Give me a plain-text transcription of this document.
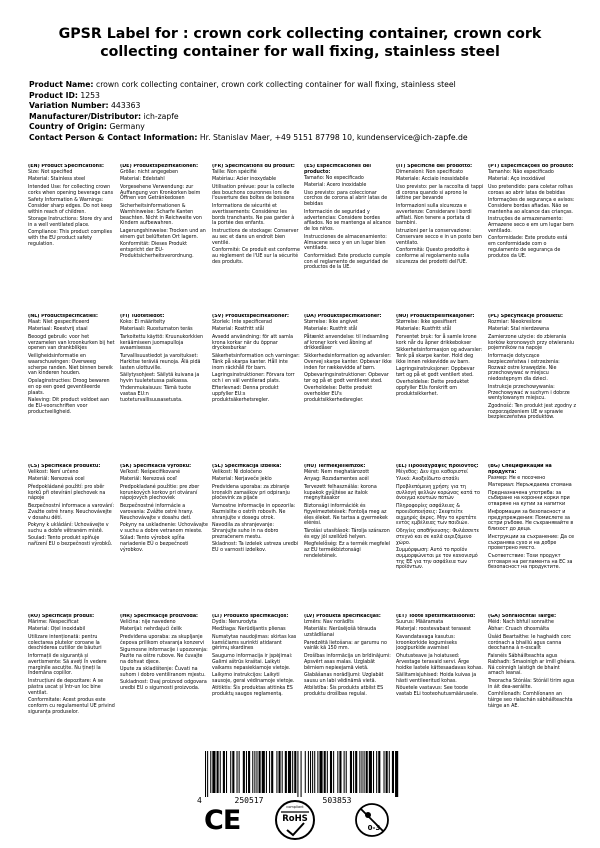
GPSR Label for : crown cork collecting container, crown cork collecting container for wall fixing, stainless steel
Product Name: crown cork collecting container, crown cork collecting container for wall fixing, stainless steel
Product ID: 1253
Variation Number: 443363
Manufacturer/Distributor: ich-zapfe
Country of Origin: Germany
Contact Person & Contact Information: Hr. Stanislav Maer, +49 5151 87798 10, kundenservice@ich-zapfe.de
(EN) Product Specifications:

Size: Not specified

Material: Stainless steel

Intended Use: for collecting crown corks when opening beverage cans

Safety Information & Warnings: Consider sharp edges. Do not keep within reach of children.

Storage Instructions: Store dry and in a well ventilated place.

Compliance: This product complies with the EU product safety regulation.

(DE) Produktspezifikationen:

Größe: nicht angegeben

Material: Edelstahl

Vorgesehene Verwendung: zur Auffangung von Kronkorken beim Öffnen von Getränkedosen

Sicherheitsinformationen & Warnhinweise: Scharfe Kanten beachten. Nicht in Reichweite von Kindern aufbewahren.

Lagerungshinweise: Trocken und an einem gut belüfteten Ort lagern.

Konformität: Dieses Produkt entspricht der EU-Produktsicherheitsverordnung.

(FR) Spécifications du produit:

Taille: Non spécifié

Matériau: Acier inoxydable

Utilisation prévue: pour la collecte des bouchons couronnes lors de l'ouverture des boîtes de boissons

Informations de sécurité et avertissements: Considérez les bords tranchants. Ne pas garder à la portée des enfants.

Instructions de stockage: Conserver au sec et dans un endroit bien ventilé.

Conformité: Ce produit est conforme au règlement de l'UE sur la sécurité des produits.

(ES) Especificaciones del producto:

Tamaño: No especificado

Material: Acero inoxidable

Uso previsto: para coleccionar corchos de corona al abrir latas de bebidas

Información de seguridad y advertencias: Considere bordes afilados. No se mantenga al alcance de los niños.

Instrucciones de almacenamiento: Almacene seco y en un lugar bien ventilado.

Conformidad: Este producto cumple con el reglamento de seguridad de productos de la UE.

(IT) Specifiche del prodotto:

Dimensioni: Non specificato

Materiale: Acciaio inossidabile

Uso previsto: per la raccolta di tappi di corona quando si aprono le lattine per bevande

Informazioni sulla sicurezza e avvertenze: Considerare i bordi affilati. Non tenere a portata di bambini.

Istruzioni per la conservazione: Conservare secco e in un posto ben ventilato.

Conformità: Questo prodotto è conforme al regolamento sulla sicurezza dei prodotti dell'UE.

(PT) Especificações do produto:

Tamanho: Não especificado

Material: Aço inoxidável

Uso pretendido: para coletar rolhas coroas ao abrir latas de bebidas

Informações de segurança e avisos: Considere bordas afiadas. Não se mantenha ao alcance das crianças.

Instruções de armazenamento: Armazene seco e em um lugar bem ventilado.

Conformidade: Este produto está em conformidade com o regulamento de segurança de produtos da UE.

(NL) Productspecificaties:

Maat: Niet gespecificeerd

Materiaal: Roestvrij staal

Beoogd gebruik: voor het verzamelen van kroonkurken bij het openen van drankblikjes

Veiligheidsinformatie en waarschuwingen: Overweeg scherpe randen. Niet binnen bereik van kinderen houden.

Opslaginstructies: Droog bewaren en op een goed geventileerde plaats.

Naleving: Dit product voldoet aan de EU-voorschriften voor productveiligheid.

(FI) Tuotetiedot:

Koko: Ei määritelty

Materiaali: Ruostumaton teräs

Tarkoitettu käyttö: Kruunukorkkien keräämiseen juomapulloja avaamisessa

Turvallisuustiedot ja varoitukset: Harkitse teräviä reunoja. Älä pidä lasten ulottuville.

Säilytysohjeet: Säilytä kuivana ja hyvin tuuletetussa paikassa.

Yhdenmukaisuus: Tämä tuote vastaa EU:n tuoteturvallisuusasetusta.

(SV) Produktspecifikationer:

Storlek: Inte specificerad

Material: Rostfritt stål

Avsedd användning: för att samla krona korkar när du öppnar dryckesburkar

Säkerhetsinformation och varningar: Tänk på skarpa kanter. Håll inte inom räckhåll för barn.

Lagringsinstruktioner: Förvara torr och i en väl ventilerad plats.

Efterlevnad: Denna produkt uppfyller EU:s produktsäkerhetsregler.

(DA) Produktspecifikationer:

Størrelse: Ikke angivet

Materiale: Rustfrit stål

Påtænkt anvendelse: til indsamling af kroner kork ved åbning af drikkedåser

Sikkerhedsinformation og advarsler: Overvej skarpe kanter. Opbevar ikke inden for rækkevidde af børn.

Opbevaringsinstruktioner: Opbevar tør og på et godt ventileret sted.

Overholdelse: Dette produkt overholder EU's produktsikkerhedsregler.

(NO) Produktspesifikasjoner:

Størrelse: Ikke spesifisert

Materiale: Rustfritt stål

Forventet bruk: for å samle krone kork når du åpner drikkebokser

Sikkerhetsinformasjon og advarsler: Tenk på skarpe kanter. Hold deg ikke innen rekkevidde av barn.

Lagringsinstruksjoner: Oppbevar tørt og på et godt ventilert sted.

Overholdelse: Dette produktet oppfyller EUs forskrift om produktsikkerhet.

(PL) Specyfikacje produktu:

Rozmiar: Nieokreślone

Materiał: Stal nierdzewna

Zamierzone użycie: do zbierania korków koronowych przy otwieraniu pojemników na napoje

Informacje dotyczące bezpieczeństwa i ostrzeżenia: Rozważ ostre krawędzie. Nie przechowywać w miejscu niedostępnym dla dzieci.

Instrukcje przechowywania: Przechowywać w suchym i dobrze wentylowanym miejscu.

Zgodność: Ten produkt jest zgodny z rozporządzeniem UE w sprawie bezpieczeństwa produktów.

(CS) Specifikace produktu:

Velikost: Není určeno

Materiál: Nerezová ocel

Předpokládané použití: pro sběr korků při otevírání plechovek na nápoje

Bezpečnostní informace a varování: Zvažte ostré hrany. Neuchovávejte v dosahu dětí.

Pokyny k ukládání: Uchovávejte v suchu a dobře větraném místě.

Soulad: Tento produkt splňuje nařízení EU o bezpečnosti výrobků.

(SK) Špecifikácia výrobku:

Veľkosť: Nešpecifikované

Materiál: Nerezová oceľ

Predpokladané použitie: pre zber korunkových korkov pri otváraní nápojových plechoviek

Bezpečnostné informácie a varovania: Zvážte ostré hrany. Neuchovávajte v dosahu detí.

Pokyny na uskladnenie: Uchovávajte v suchu a dobre vetranom mieste.

Súlad: Tento výrobok spĺňa nariadenie EÚ o bezpečnosti výrobkov.

(SL) Specifikacija izdelka:

Velikost: Ni določeno

Material: Nerjaveče jeklo

Predvidena uporaba: za zbiranje kronskih zamaškov pri odpiranju pločevink za pijače

Varnostne informacije in opozorila: Razmislite o ostrih robovih. Ne shranjujte v dosegu otrok.

Navodila za shranjevanje: Shranjujte suho in na dobro prezračenem mestu.

Skladnost: Ta izdelek ustreza uredbi EU o varnosti izdelkov.

(HU) Termékjellemzők:

Méret: Nem meghatározott

Anyag: Rozsdamentes acél

Tervezett felhasználás: korona kupakok gyűjtése az italok megnyitásakor

Biztonsági információk és figyelmeztetések: Fontolja meg az éles éleket. Ne tartsa a gyermekek elérési.

Tárolási utasítások: Tárolja szárazon és egy jól szellőző helyen.

Megfelelőség: Ez a termék megfelel az EU termékbiztonsági rendeletének.

(EL) Προδιαγραφές προϊόντος:

Μέγεθος: Δεν έχει καθοριστεί

Υλικό: Ανοξείδωτο ατσάλι

Προβλεπόμενη χρήση: για τη συλλογή φελλών κορώνας κατά το άνοιγμα κουτιών ποτών

Πληροφορίες ασφάλειας & προειδοποιήσεις: Σκεφτείτε αιχμηρές άκρες. Μην το κρατάτε εντός εμβέλειας των παιδιών.

Οδηγίες αποθήκευσης: Φυλάσσετε στεγνό και σε καλά αεριζόμενο χώρο.

Συμμόρφωση: Αυτό το προϊόν συμμορφώνεται με τον κανονισμό της ΕΕ για την ασφάλεια των προϊόντων.

(BG) Спецификации на продукта:

Размер: Не е посочено

Материал: Неръждаема стомана

Предназначена употреба: за събиране на коронни корки при отваряне на кутии за напитки

Информация за безопасност и предупреждения: Помислете за остри ръбове. Не съхранявайте в близост до деца.

Инструкции за съхранение: Да се съхранява сухо и на добре проветрено място.

Съответствие: Този продукт отговаря на регламента на ЕС за безопасност на продуктите.

(RO) Specificații produs:

Mărime: Nespecificat

Material: Oțel inoxidabil

Utilizare intenționată: pentru colectarea plutelor coroane la deschiderea cutiilor de băuturi

Informații de siguranță și avertismente: Să aveți în vedere marginile ascuțite. Nu țineți la îndemâna copiilor.

Instrucțiuni de depozitare: A se păstra uscat și într-un loc bine ventilat.

Conformitate: Acest produs este conform cu regulamentul UE privind siguranța produselor.

(HR) Specifikacije proizvoda:

Veličina: nije navedeno

Materijal: nehrđajući čelik

Predviđena uporaba: za skupljanje čepova prilikom otvaranja konzervi

Sigurnosne informacije i upozorenja: Pazite na oštre rubove. Ne čuvajte na dohvat djece.

Upute za skladištenje: Čuvati na suhom i dobro ventiliranom mjestu.

Sukladnost: Ovaj proizvod odgovara uredbi EU o sigurnosti proizvoda.

(LT) Produkto specifikacijos:

Dydis: Nenurodyta

Medžiaga: Nerūdijantis plienas

Numatytas naudojimas: skirtas kas kamščiams surinkti atidarant gėrimų skardines

Saugumo informacija ir įspėjimai: Galimi aštrūs kraštai. Laikyti vaikams nepasiekiamoje vietoje.

Laikymo instrukcijos: Laikyti sausoje, gerai vėdinamoje vietoje.

Atitiktis: Šis produktas atitinka ES produktų saugos reglamentą.

(LV) Produkta specifikācijas:

Izmērs: Nav norādīts

Materiāls: Nerūsējošā tērauda uzstādīšanai

Paredzētā lietošana: ar garumu no vairāk kā 150 mm.

Drošības informācija un brīdinājumi: Apsvērt asas malas. Uzglabāt bērniem nepieejamā vietā.

Glabāšanas norādījumi: Uzglabāt sausu un labi vēdināmā vietā.

Atbilstība: Šis produkts atbilst ES produktu drošības regulai.

(ET) Toote spetsifikatsioonid:

Suurus: Määramata

Materjal: roostevabast terasest

Kavandatavaga kasutus: kroonkorkide kogumiseks joogipurkide avamisel

Ohutusteave ja hoiatused: Arvestage teravaid servi. Ärge hoidke lastele kättesaadavas kohas.

Säilitamisjuhised: Hoida kuivas ja hästi ventileeritud kohas.

Nõuetele vastavus: See toode vastab ELi tooteohutusmäärusele.

(GA) Sonraíochtaí Táirge:

Méid: Nach bhfuil sonraithe

Ábhar: Cruach dhosmálta

Úsáid Beartaithe: le haghaidh corc corónach a bhailiú agus canna deochanna á n-oscailt

Faisnéis Sábháilteachta agus Rabhadh: Smaoinigh ar imill ghéara. Ná coinnigh laistigh de bhaint amach leanaí.

Treoracha Stórála: Stóráil tirim agus in áit dea-aeráilte.

Comhlíonadh: Comhlíonann an táirge seo rialachán sábháilteachta táirge an AE.

4	250517	503853
CE	RoHS
compliant
0-3
